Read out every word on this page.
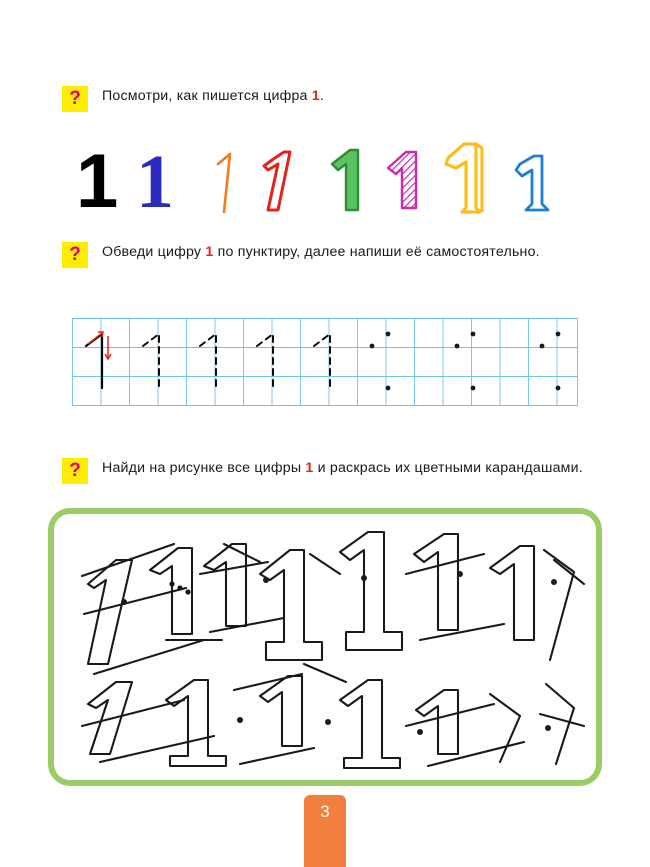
?	Посмотри, как пишется цифра 1.
1 1
?	Обведи цифру 1 по пунктиру, далее напиши её самостоятельно.
?	Найди на рисунке все цифры 1 и раскрась их цветными карандашами.
3
